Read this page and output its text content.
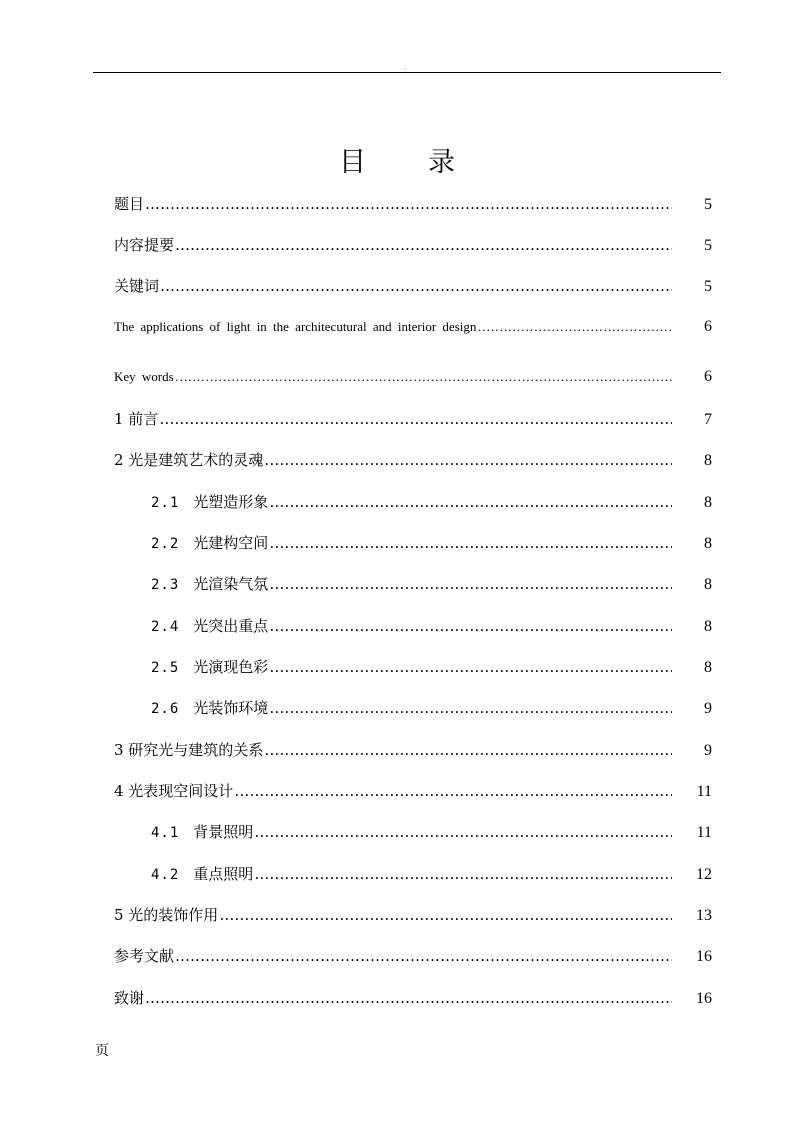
.
目 录
题目 …………………………………………………………………………………………………………………………………………………………………………………	5
内容提要 …………………………………………………………………………………………………………………………………………………………………………………	5
关键词 …………………………………………………………………………………………………………………………………………………………………………………	5
The applications of light in the architecutural and interior design …………………………………………………………………………………………………………………………………………………………………………………	6
Key words …………………………………………………………………………………………………………………………………………………………………………………	6
1 前言 …………………………………………………………………………………………………………………………………………………………………………………	7
2 光是建筑艺术的灵魂 …………………………………………………………………………………………………………………………………………………………………………………	8
2.1 光塑造形象 …………………………………………………………………………………………………………………………………………………………………………………	8
2.2 光建构空间 …………………………………………………………………………………………………………………………………………………………………………………	8
2.3 光渲染气氛 …………………………………………………………………………………………………………………………………………………………………………………	8
2.4 光突出重点 …………………………………………………………………………………………………………………………………………………………………………………	8
2.5 光演现色彩 …………………………………………………………………………………………………………………………………………………………………………………	8
2.6 光装饰环境 …………………………………………………………………………………………………………………………………………………………………………………	9
3 研究光与建筑的关系 …………………………………………………………………………………………………………………………………………………………………………………	9
4 光表现空间设计 …………………………………………………………………………………………………………………………………………………………………………………	11
4.1 背景照明 …………………………………………………………………………………………………………………………………………………………………………………	11
4.2 重点照明 …………………………………………………………………………………………………………………………………………………………………………………	12
5 光的装饰作用 …………………………………………………………………………………………………………………………………………………………………………………	13
参考文献 …………………………………………………………………………………………………………………………………………………………………………………	16
致谢 …………………………………………………………………………………………………………………………………………………………………………………	16
页
